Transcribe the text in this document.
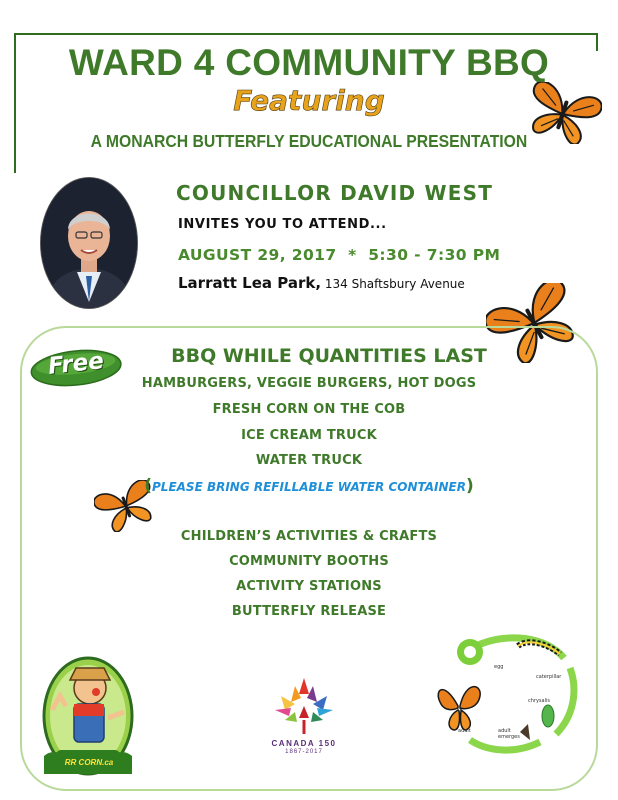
WARD 4 COMMUNITY BBQ
Featuring
A MONARCH BUTTERFLY EDUCATIONAL PRESENTATION
COUNCILLOR DAVID WEST
INVITES YOU TO ATTEND...
AUGUST 29, 2017  *  5:30 - 7:30 PM
Larratt Lea Park, 134 Shaftsbury Avenue
Free	BBQ WHILE QUANTITIES LAST
HAMBURGERS, VEGGIE BURGERS, HOT DOGS
FRESH CORN ON THE COB
ICE CREAM TRUCK
WATER TRUCK
(PLEASE BRING REFILLABLE WATER CONTAINER)
CHILDREN’S ACTIVITIES & CRAFTS
COMMUNITY BOOTHS
ACTIVITY STATIONS
BUTTERFLY RELEASE
RR CORN.ca
CANADA 150
1867-2017
egg
caterpillar
chrysalis
adult emerges
adult
